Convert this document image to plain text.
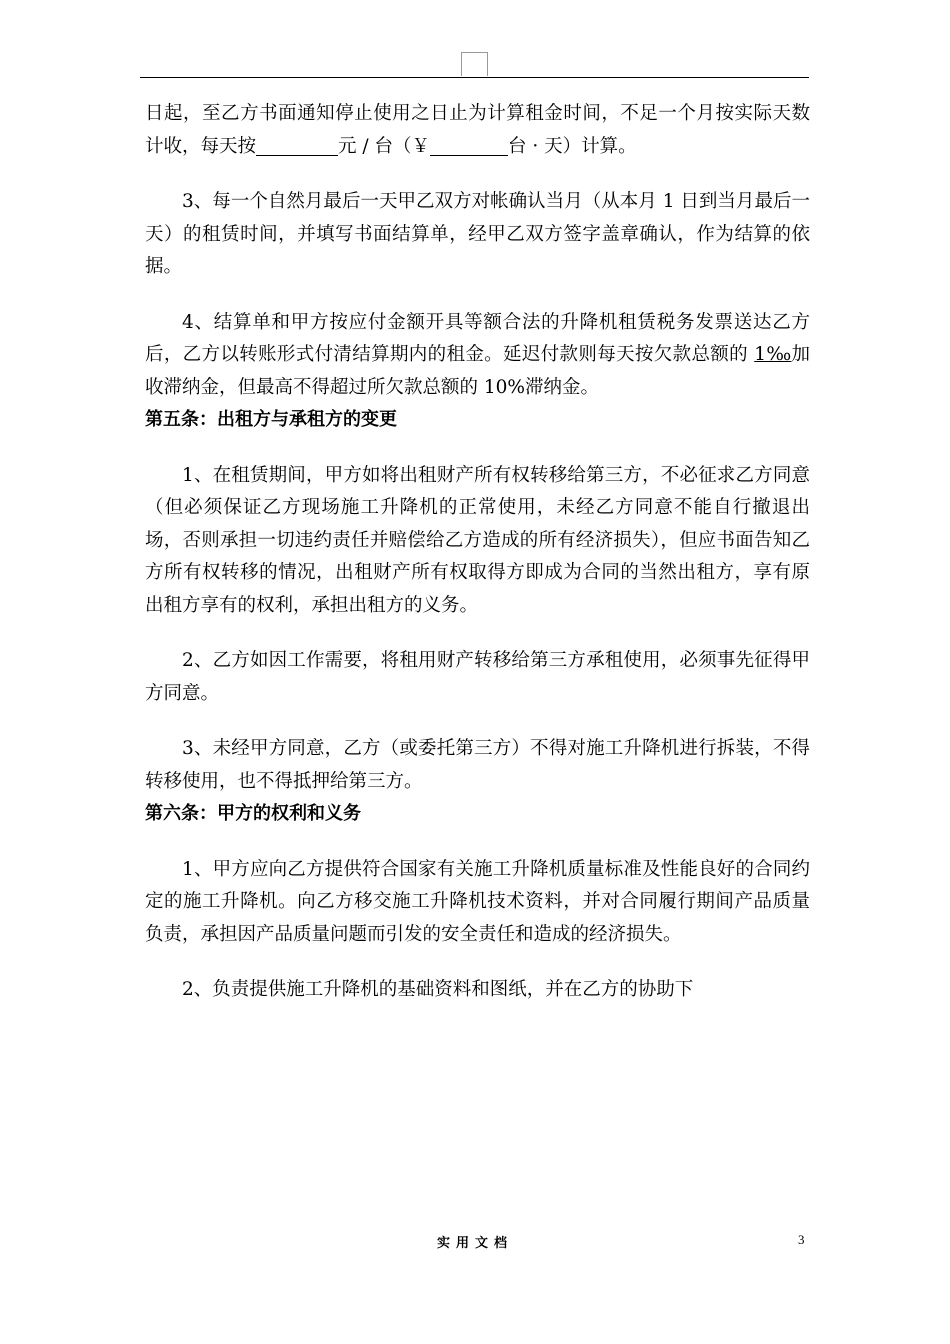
日起，至乙方书面通知停止使用之日止为计算租金时间，不足一个月按实际天数计收，每天按	元 / 台（￥	台 · 天）计算。

3、每一个自然月最后一天甲乙双方对帐确认当月（从本月 1 日到当月最后一天）的租赁时间，并填写书面结算单，经甲乙双方签字盖章确认，作为结算的依据。

4、结算单和甲方按应付金额开具等额合法的升降机租赁税务发票送达乙方后，乙方以转账形式付清结算期内的租金。延迟付款则每天按欠款总额的 1‰加收滞纳金，但最高不得超过所欠款总额的 10%滞纳金。

第五条：出租方与承租方的变更

1、在租赁期间，甲方如将出租财产所有权转移给第三方，不必征求乙方同意（但必须保证乙方现场施工升降机的正常使用，未经乙方同意不能自行撤退出场，否则承担一切违约责任并赔偿给乙方造成的所有经济损失），但应书面告知乙方所有权转移的情况，出租财产所有权取得方即成为合同的当然出租方，享有原出租方享有的权利，承担出租方的义务。

2、乙方如因工作需要，将租用财产转移给第三方承租使用，必须事先征得甲方同意。

3、未经甲方同意，乙方（或委托第三方）不得对施工升降机进行拆装，不得转移使用，也不得抵押给第三方。

第六条：甲方的权利和义务

1、甲方应向乙方提供符合国家有关施工升降机质量标准及性能良好的合同约定的施工升降机。向乙方移交施工升降机技术资料，并对合同履行期间产品质量负责，承担因产品质量问题而引发的安全责任和造成的经济损失。

2、负责提供施工升降机的基础资料和图纸，并在乙方的协助下

实用文档	3
